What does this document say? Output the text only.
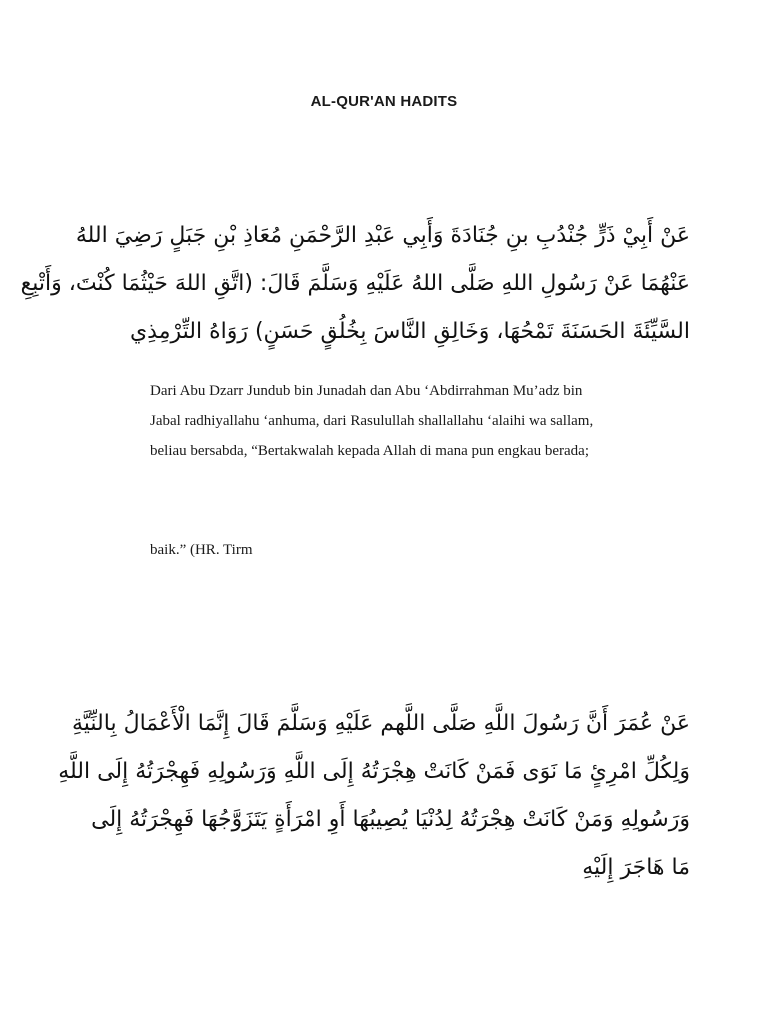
AL-QUR'AN HADITS
عَنْ أَبِيْ ذَرٍّ جُنْدُبِ بنِ جُنَادَةَ وَأَبِي عَبْدِ الرَّحْمَنِ مُعَاذِ بْنِ جَبَلٍ رَضِيَ اللهُ
عَنْهُمَا عَنْ رَسُولِ اللهِ صَلَّى اللهُ عَلَيْهِ وَسَلَّمَ قَالَ: (اتَّقِ اللهَ حَيْثُمَا كُنْتَ، وَأَتْبِعِ
السَّيِّئَةَ الحَسَنَةَ تَمْحُهَا، وَخَالِقِ النَّاسَ بِخُلُقٍ حَسَنٍ) رَوَاهُ التِّرْمِذِي
Dari Abu Dzarr Jundub bin Junadah dan Abu ‘Abdirrahman Mu’adz bin
Jabal radhiyallahu ‘anhuma, dari Rasulullah shallallahu ‘alaihi wa sallam,
beliau bersabda, “Bertakwalah kepada Allah di mana pun engkau berada;
baik.” (HR. Tirm
عَنْ عُمَرَ أَنَّ رَسُولَ اللَّهِ صَلَّى اللَّهم عَلَيْهِ وَسَلَّمَ قَالَ إِنَّمَا الْأَعْمَالُ بِالنِّيَّةِ
وَلِكُلِّ امْرِئٍ مَا نَوَى فَمَنْ كَانَتْ هِجْرَتُهُ إِلَى اللَّهِ وَرَسُولِهِ فَهِجْرَتُهُ إِلَى اللَّهِ
وَرَسُولِهِ وَمَنْ كَانَتْ هِجْرَتُهُ لِدُنْيَا يُصِيبُهَا أَوِ امْرَأَةٍ يَتَزَوَّجُهَا فَهِجْرَتُهُ إِلَى
مَا هَاجَرَ إِلَيْهِ
